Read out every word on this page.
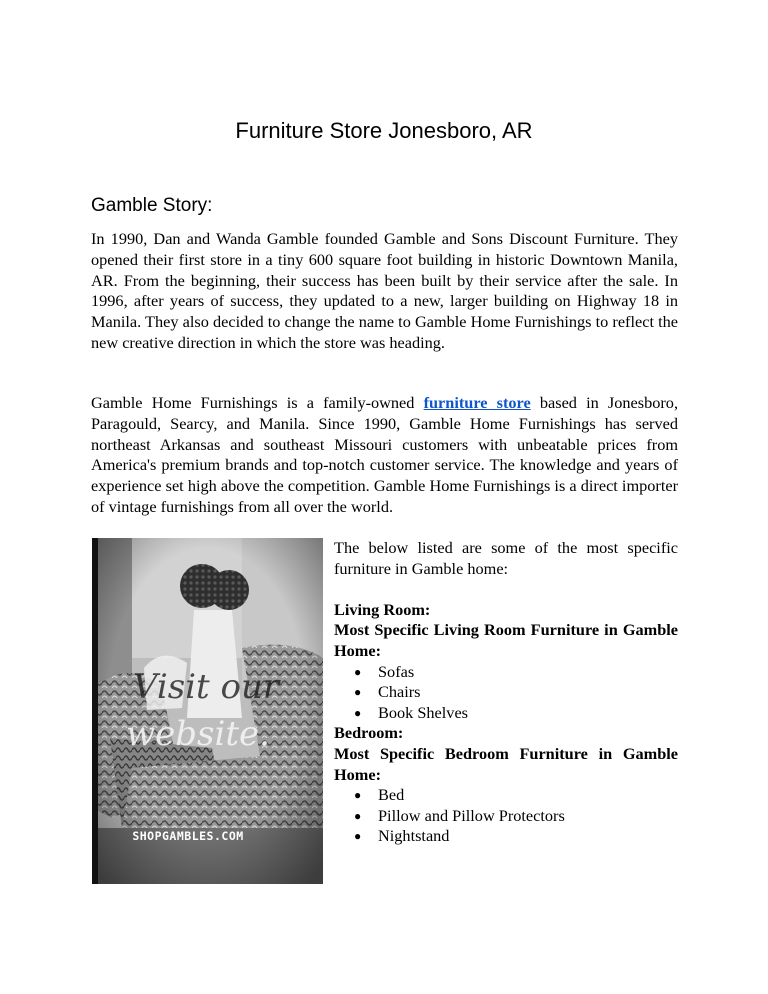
Furniture Store Jonesboro, AR
Gamble Story:

In 1990, Dan and Wanda Gamble founded Gamble and Sons Discount Furniture. They opened their first store in a tiny 600 square foot building in historic Downtown Manila, AR. From the beginning, their success has been built by their service after the sale. In 1996, after years of success, they updated to a new, larger building on Highway 18 in Manila. They also decided to change the name to Gamble Home Furnishings to reflect the new creative direction in which the store was heading.

Gamble Home Furnishings is a family-owned furniture store based in Jonesboro, Paragould, Searcy, and Manila. Since 1990, Gamble Home Furnishings has served northeast Arkansas and southeast Missouri customers with unbeatable prices from America's premium brands and top-notch customer service. The knowledge and years of experience set high above the competition. Gamble Home Furnishings is a direct importer of vintage furnishings from all over the world.

Visit our
website.
SHOPGAMBLES.COM

The below listed are some of the most specific furniture in Gamble home:

Living Room:

Most Specific Living Room Furniture in Gamble Home:

● Sofas
● Chairs
● Book Shelves

Bedroom:

Most Specific Bedroom Furniture in Gamble Home:

● Bed
● Pillow and Pillow Protectors
● Nightstand
